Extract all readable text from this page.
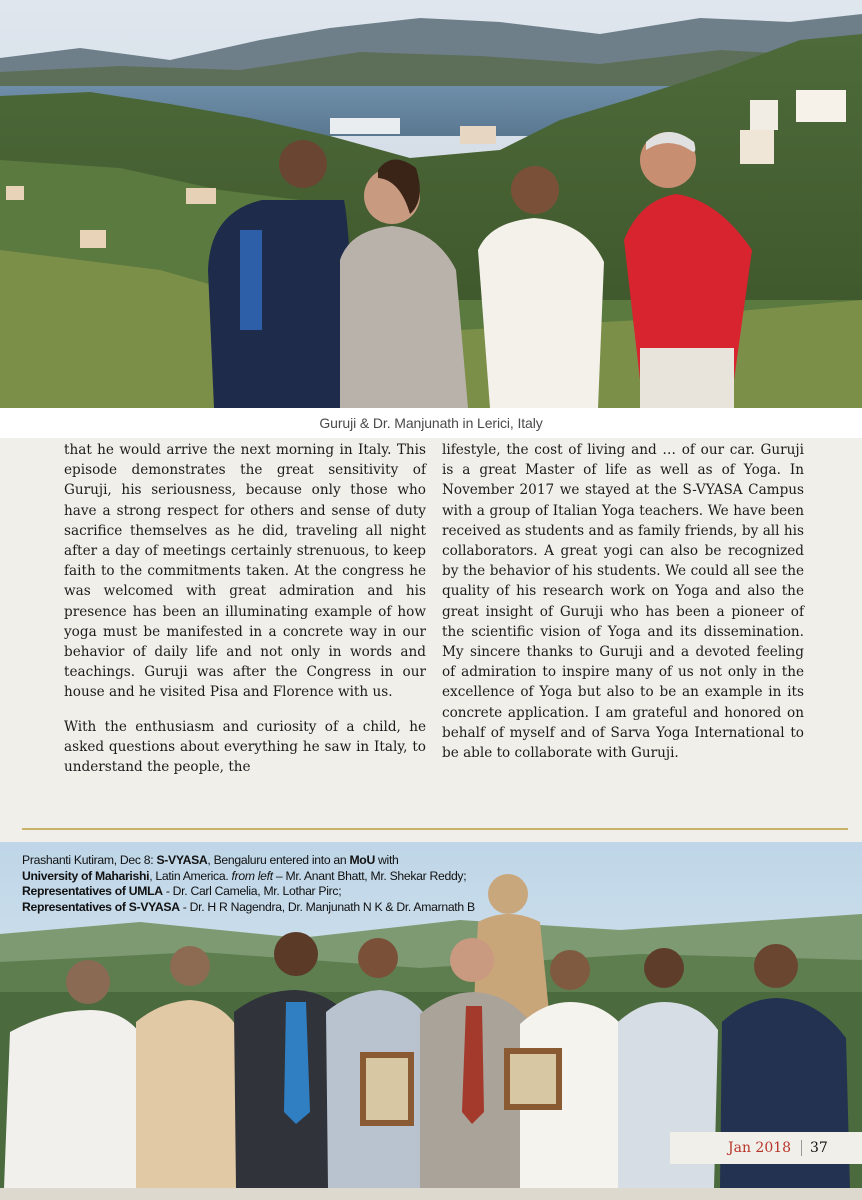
Guruji & Dr. Manjunath in Lerici, Italy

that he would arrive the next morning in Italy. This episode demonstrates the great sensitivity of Guruji, his seriousness, because only those who have a strong respect for others and sense of duty sacrifice themselves as he did, traveling all night after a day of meetings certainly strenuous, to keep faith to the commitments taken. At the congress he was welcomed with great admiration and his presence has been an illuminating example of how yoga must be manifested in a concrete way in our behavior of daily life and not only in words and teachings. Guruji was after the Congress in our house and he visited Pisa and Florence with us.

With the enthusiasm and curiosity of a child, he asked questions about everything he saw in Italy, to understand the people, the

lifestyle, the cost of living and … of our car. Guruji is a great Master of life as well as of Yoga. In November 2017 we stayed at the S-VYASA Campus with a group of Italian Yoga teachers. We have been received as students and as family friends, by all his collaborators. A great yogi can also be recognized by the behavior of his students. We could all see the quality of his research work on Yoga and also the great insight of Guruji who has been a pioneer of the scientific vision of Yoga and its dissemination. My sincere thanks to Guruji and a devoted feeling of admiration to inspire many of us not only in the excellence of Yoga but also to be an example in its concrete application. I am grateful and honored on behalf of myself and of Sarva Yoga International to be able to collaborate with Guruji.

Prashanti Kutiram, Dec 8: S-VYASA, Bengaluru entered into an MoU with
University of Maharishi, Latin America. from left – Mr. Anant Bhatt, Mr. Shekar Reddy;
Representatives of UMLA - Dr. Carl Camelia, Mr. Lothar Pirc;
Representatives of S-VYASA - Dr. H R Nagendra, Dr. Manjunath N K & Dr. Amarnath B
Jan 2018 37
